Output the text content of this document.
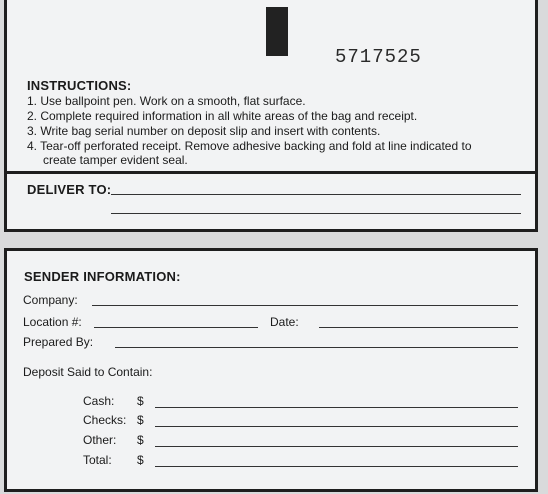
5717525
INSTRUCTIONS:
1. Use ballpoint pen. Work on a smooth, flat surface.
2. Complete required information in all white areas of the bag and receipt.
3. Write bag serial number on deposit slip and insert with contents.
4. Tear-off perforated receipt. Remove adhesive backing and fold at line indicated to
create tamper evident seal.
DELIVER TO:
SENDER INFORMATION:
Company:
Location #:	Date:
Prepared By:
Deposit Said to Contain:
Cash: $
Checks: $
Other: $
Total: $
